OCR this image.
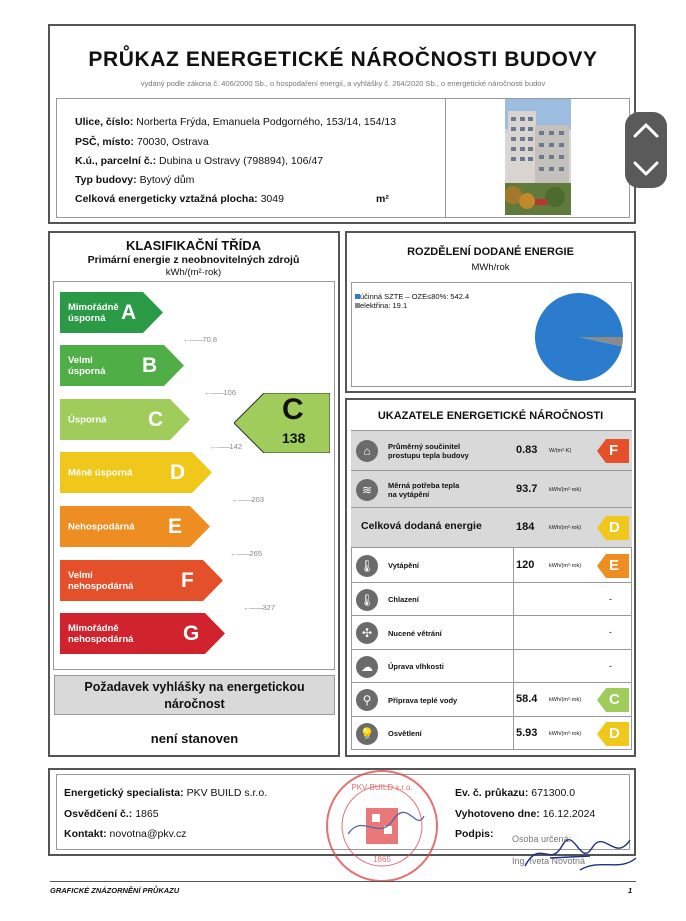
PRŮKAZ ENERGETICKÉ NÁROČNOSTI BUDOVY
vydaný podle zákona č. 406/2000 Sb., o hospodaření energií, a vyhlášky č. 264/2020 Sb., o energetické náročnosti budov
Ulice, číslo: Norberta Frýda, Emanuela Podgorného, 153/14, 154/13
PSČ, místo: 70030, Ostrava
K.ú., parcelní č.: Dubina u Ostravy (798894), 106/47
Typ budovy: Bytový dům
Celková energeticky vztažná plocha: 3049	m²
KLASIFIKAČNÍ TŘÍDA
Primární energie z neobnovitelných zdrojů
kWh/(m²·rok)
Mimořádně
úsporná A
←—— 70.8
Velmi
úsporná B
←—— 106
Úsporná C
←—— 142
Méně úsporná D
←—— 203
Nehospodárná E
←—— 265
Velmi
nehospodárná F
←—— 327
Mimořádně
nehospodárná G
C
138
Požadavek vyhlášky na energetickou náročnost
není stanoven
ROZDĚLENÍ DODANÉ ENERGIE
MWh/rok
účinná SZTE – OZE≤80%: 542.4
elektřina: 19.1
UKAZATELE ENERGETICKÉ NÁROČNOSTI
⌂	Průměrný součinitel
prostupu tepla budovy	0.83 W/(m²·K)	F
≋	Měrná potřeba tepla
na vytápění	93.7 kWh/(m²·rok)
Celková dodaná energie	184	kWh/(m²·rok) D
🌡	Vytápění	120	kWh/(m²·rok) E
🌡	Chlazení	-
✣	Nucené větrání	-
☁	Úprava vlhkosti	-
⚲	Příprava teplé vody	58.4 kWh/(m²·rok) C
💡	Osvětlení	5.93 kWh/(m²·rok) D
Energetický specialista: PKV BUILD s.r.o.
Osvědčení č.: 1865
Kontakt: novotna@pkv.cz
Ev. č. průkazu: 671300.0
Vyhotoveno dne: 16.12.2024
Podpis: Osoba určená:
Ing. Iveta Novotná
PKV BUILD s.r.o.
1865
GRAFICKÉ ZNÁZORNĚNÍ PRŮKAZU	1
